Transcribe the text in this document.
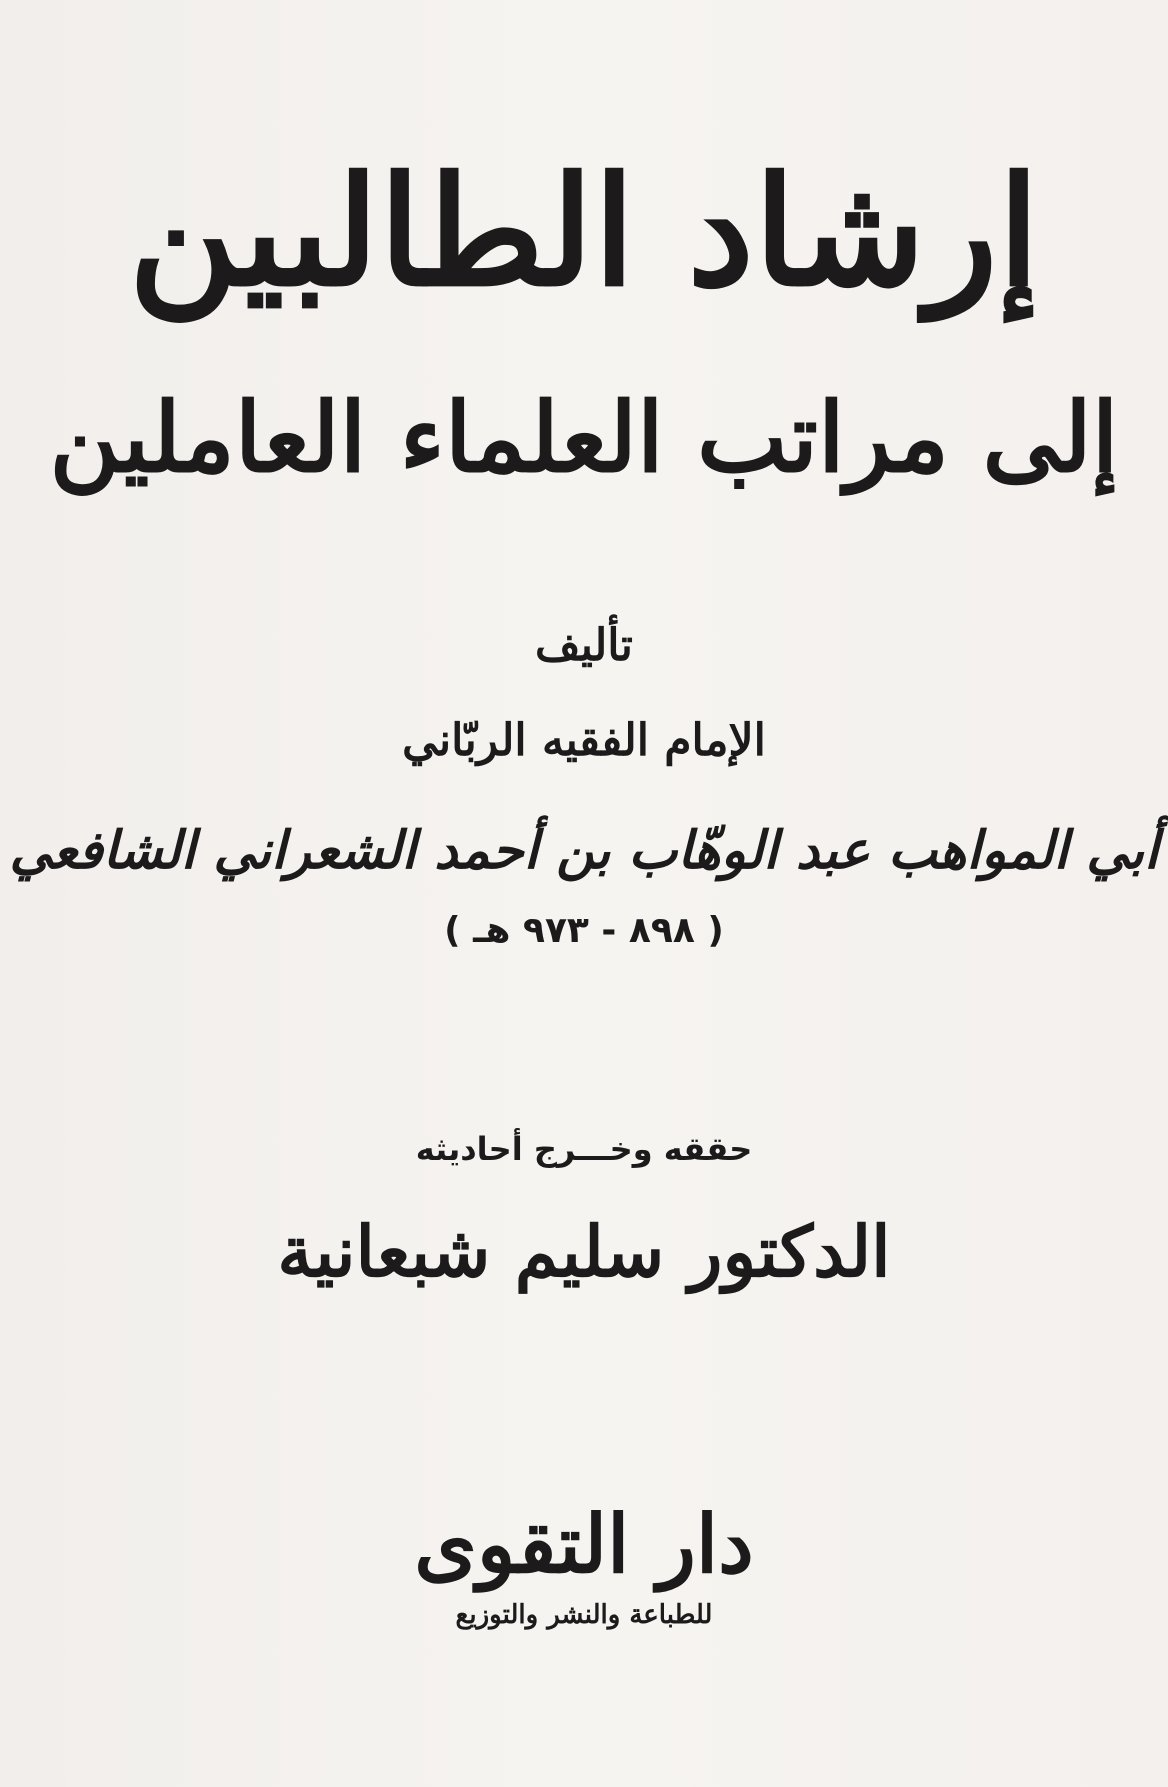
إرشاد الطالبين
إلى مراتب العلماء العاملين
تأليف
الإمام الفقيه الربّاني
أبي المواهب عبد الوهّاب بن أحمد الشعراني الشافعي
( ٨٩٨ - ٩٧٣ هـ )
حققه وخـــرج أحاديثه
الدكتور سليم شبعانية
دار التقوى
للطباعة والنشر والتوزيع
